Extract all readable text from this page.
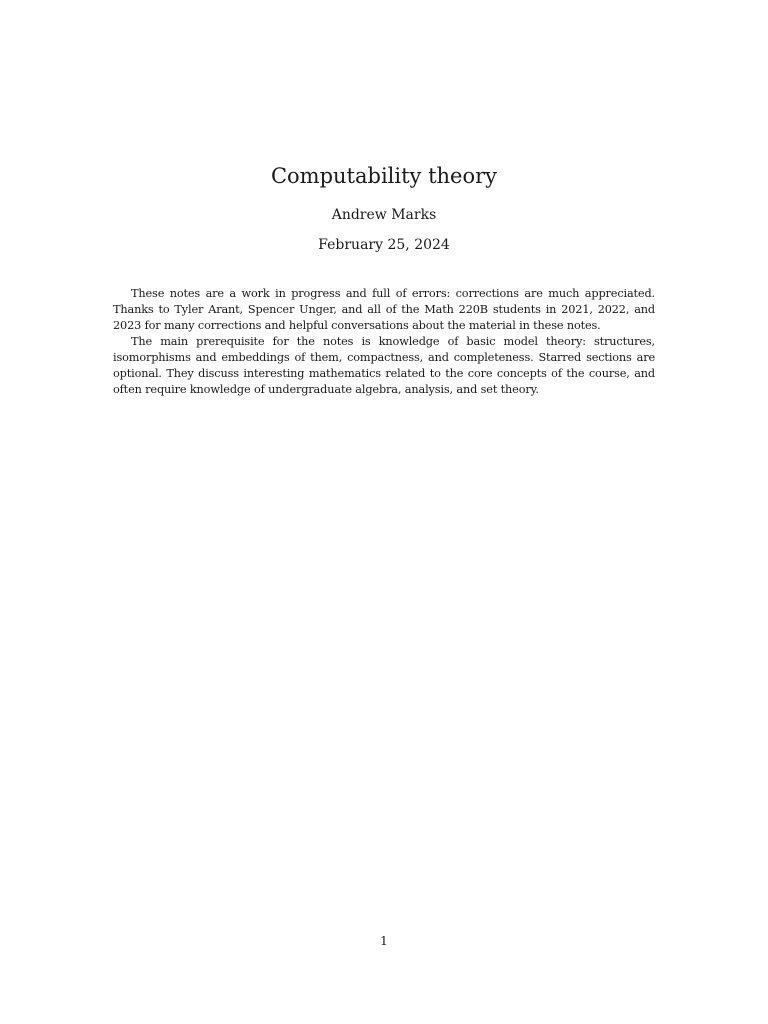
Computability theory
Andrew Marks
February 25, 2024

These notes are a work in progress and full of errors: corrections are much appreciated. Thanks to Tyler Arant, Spencer Unger, and all of the Math 220B students in 2021, 2022, and 2023 for many corrections and helpful conversations about the material in these notes.

The main prerequisite for the notes is knowledge of basic model theory: structures, isomorphisms and embeddings of them, compactness, and completeness. Starred sections are optional. They discuss interesting mathematics related to the core concepts of the course, and often require knowledge of undergraduate algebra, analysis, and set theory.

1
